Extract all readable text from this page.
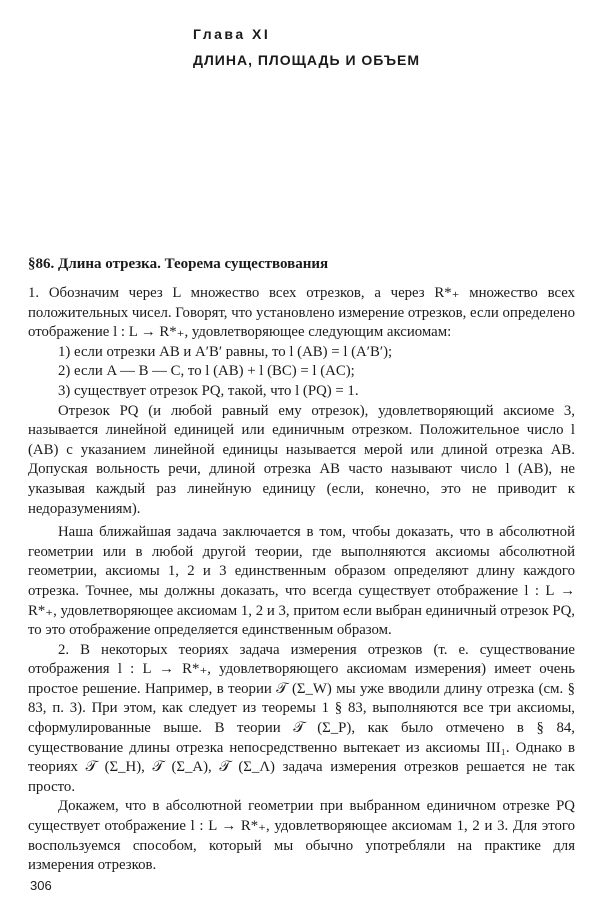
Глава XI
ДЛИНА, ПЛОЩАДЬ И ОБЪЕМ
§86. Длина отрезка. Теорема существования

1. Обозначим через L множество всех отрезков, а через R*₊ множество всех положительных чисел. Говорят, что установлено измерение отрезков, если определено отображение l : L → R*₊, удовлетворяющее следующим аксиомам:

1) если отрезки AB и A′B′ равны, то l (AB) = l (A′B′);

2) если A — B — C, то l (AB) + l (BC) = l (AC);

3) существует отрезок PQ, такой, что l (PQ) = 1.

Отрезок PQ (и любой равный ему отрезок), удовлетворяющий аксиоме 3, называется линейной единицей или единичным отрезком. Положительное число l (AB) с указанием линейной единицы называется мерой или длиной отрезка AB. Допуская вольность речи, длиной отрезка AB часто называют число l (AB), не указывая каждый раз линейную единицу (если, конечно, это не приводит к недоразумениям).

Наша ближайшая задача заключается в том, чтобы доказать, что в абсолютной геометрии или в любой другой теории, где выполняются аксиомы абсолютной геометрии, аксиомы 1, 2 и 3 единственным образом определяют длину каждого отрезка. Точнее, мы должны доказать, что всегда существует отображение l : L → R*₊, удовлетворяющее аксиомам 1, 2 и 3, притом если выбран единичный отрезок PQ, то это отображение определяется единственным образом.

2. В некоторых теориях задача измерения отрезков (т. е. существование отображения l : L → R*₊, удовлетворяющего аксиомам измерения) имеет очень простое решение. Например, в теории 𝒯 (Σ_W) мы уже вводили длину отрезка (см. § 83, п. 3). При этом, как следует из теоремы 1 § 83, выполняются все три аксиомы, сформулированные выше. В теории 𝒯 (Σ_P), как было отмечено в § 84, существование длины отрезка непосредственно вытекает из аксиомы III₁. Однако в теориях 𝒯 (Σ_H), 𝒯 (Σ_A), 𝒯 (Σ_Λ) задача измерения отрезков решается не так просто.

Докажем, что в абсолютной геометрии при выбранном единичном отрезке PQ существует отображение l : L → R*₊, удовлетворяющее аксиомам 1, 2 и 3. Для этого воспользуемся способом, который мы обычно употребляли на практике для измерения отрезков.

306
